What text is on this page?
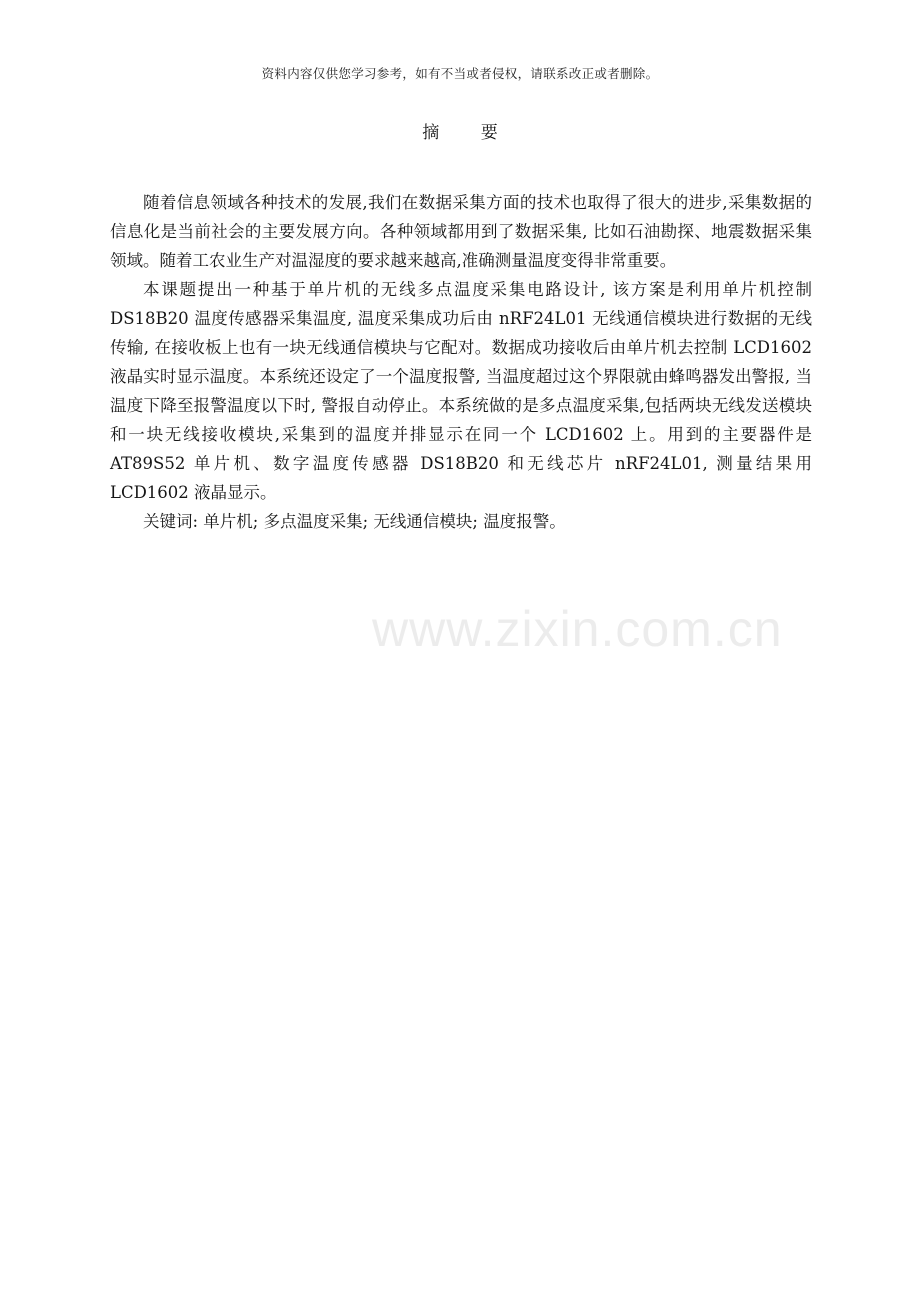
资料内容仅供您学习参考，如有不当或者侵权，请联系改正或者删除。
摘 要

随着信息领域各种技术的发展,我们在数据采集方面的技术也取得了很大的进步,采集数据的信息化是当前社会的主要发展方向。各种领域都用到了数据采集, 比如石油勘探、地震数据采集领域。随着工农业生产对温湿度的要求越来越高,准确测量温度变得非常重要。

本课题提出一种基于单片机的无线多点温度采集电路设计, 该方案是利用单片机控制 DS18B20 温度传感器采集温度, 温度采集成功后由 nRF24L01 无线通信模块进行数据的无线传输, 在接收板上也有一块无线通信模块与它配对。数据成功接收后由单片机去控制 LCD1602 液晶实时显示温度。本系统还设定了一个温度报警, 当温度超过这个界限就由蜂鸣器发出警报, 当温度下降至报警温度以下时, 警报自动停止。本系统做的是多点温度采集,包括两块无线发送模块和一块无线接收模块,采集到的温度并排显示在同一个 LCD1602 上。用到的主要器件是 AT89S52 单片机、数字温度传感器 DS18B20 和无线芯片 nRF24L01, 测量结果用 LCD1602 液晶显示。

关键词: 单片机; 多点温度采集; 无线通信模块; 温度报警。

www.zixin.com.cn
